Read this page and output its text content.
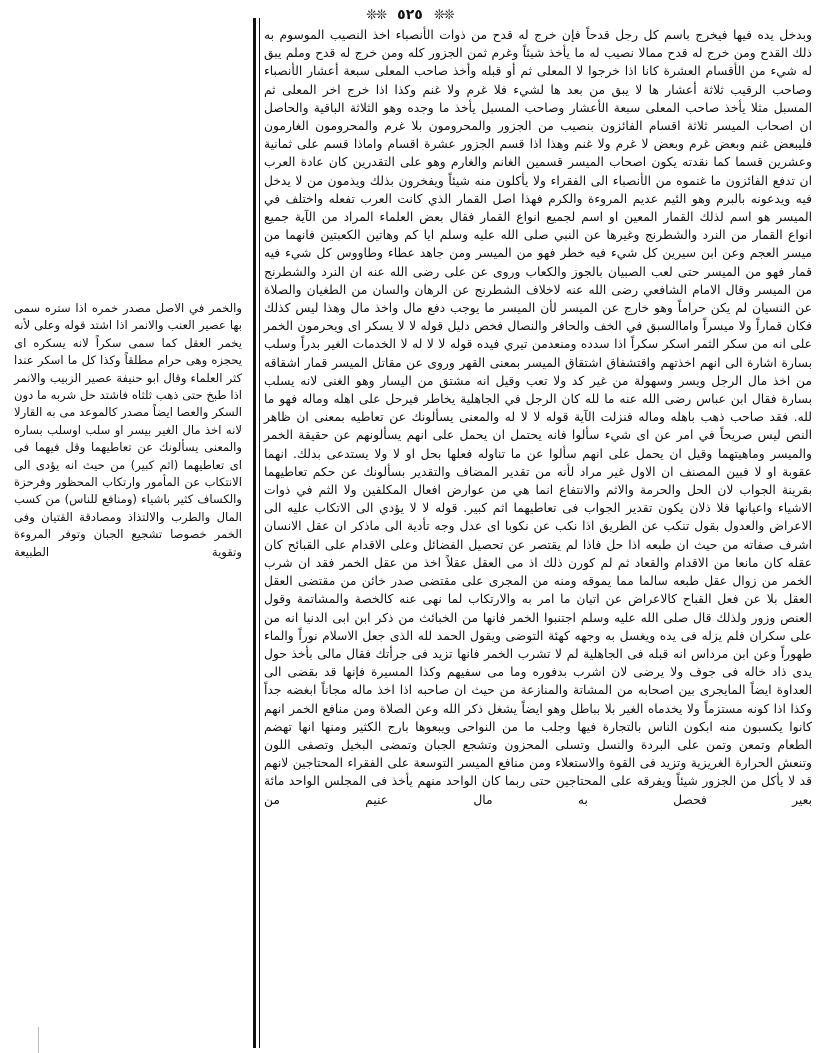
❊❊ ٥٢٥ ❊❊

وبدخل يده فيها فيخرج باسم كل رجل قدحاً فإن خرج له قدح من ذوات الأنصباء اخذ النصيب الموسوم به ذلك القدح ومن خرج له قدح ممالا نصيب له ما يأخذ شيئاً وغرم ثمن الجزور كله ومن خرج له قدح وملم يبق له شيء من الأقسام العشرة كانا اذا خرجوا لا المعلى ثم أو قبله وأخذ صاحب المعلى سبعة أعشار الأنصباء وصاحب الرقيب ثلاثة أعشار ها لا يبق من بعد ها لشيء فلا غرم ولا غنم وكذا اذا خرج اخر المعلى ثم المسبل مثلا يأخذ صاحب المعلى سبعة الأعشار وصاحب المسبل يأخذ ما وجده وهو الثلاثة الباقية والحاصل ان اصحاب الميسر ثلاثة اقسام الفائزون بنصيب من الجزور والمحرومون بلا غرم والمحرومون الغارمون فليبعض غنم وبعض غرم وبعض لا غرم ولا غنم وهذا اذا قسم الجزور عشرة اقسام واماذا قسم على ثمانية وعشرين قسما كما نقدته يكون اصحاب الميسر قسمين الغانم والغارم وهو على التقدرين كان عادة العرب ان تدفع الفائزون ما غنموه من الأنصباء الى الفقراء ولا يأكلون منه شيئاً ويفخرون بذلك ويذمون من لا يدخل فيه ويدعونه بالبرم وهو الئيم عديم المروءة والكرم فهذا اصل القمار الذي كانت العرب تفعله واختلف في الميسر هو اسم لذلك القمار المعين او اسم لجميع انواع القمار فقال بعض العلماء المراد من الآية جميع انواع القمار من النرد والشطرنج وغيرها عن النبي صلى الله عليه وسلم ايا كم وهاتين الكعبتين فانهما من ميسر العجم وعن ابن سيرين كل شيء فيه خطر فهو من الميسر ومن جاهد عطاء وطاووس كل شيء فيه قمار فهو من الميسر حتى لعب الصبيان بالجوز والكعاب وروى عن على رضى الله عنه ان النرد والشطرنج من الميسر وقال الامام الشافعي رضى الله عنه لاخلاف الشطرنج عن الرهان والسان من الطغيان والصلاة عن النسيان لم يكن حراماً وهو خارج عن الميسر لأن الميسر ما يوجب دفع مال واخذ مال وهذا ليس كذلك فكان قماراً ولا ميسراً واماالسبق في الخف والحافر والنصال فخص دليل قوله لا لا يسكر اى ويحرمون الخمر على انه من سكر الثمر اسكر سكراً اذا سدده ومنعدمن تيري فيده قوله لا لا له لا الخدمات الغير بدراً وسلب بسارة اشارة الى انهم اخذتهم واقتشفاق اشتقاق الميسر بمعنى القهر وروى عن مقاتل الميسر قمار اشقاقه من اخذ مال الرجل ويسر وسهولة من غير كد ولا تعب وقيل انه مشتق من اليسار وهو الغنى لانه يسلب بسارة فقال ابن عباس رضى الله عنه ما لله كان الرجل في الجاهلية يخاطر فيرحل على اهله وماله فهو ما لله. فقد صاحب ذهب باهله وماله فنزلت الآية قوله لا لا له والمعنى يسألونك عن تعاطيه بمعنى ان ظاهر النص ليس صريحاً في امر عن اى شيء سألوا فانه يحتمل ان يحمل على انهم يسألونهم عن حقيقة الخمر والميسر وماهيتهما وقيل ان يحمل على انهم سألوا عن ما تناوله فعلها بحل او لا ولا يستدعى بدلك. انهما عقوبة او لا فبين المصنف ان الاول غير مراد لأنه من تقدير المضاف والتقدير بسألونك عن حكم تعاطيهما بقرينة الجواب لان الحل والحرمة والاثم والانتفاع انما هي من عوارض افعال المكلفين ولا الثم في ذوات الاشياء واعيانها فلا ذلان يكون تقدير الجواب فى تعاطيهما اثم كبير. قوله لا لا يؤدي الى الاتكاب عليه الى الاعراض والعدول بقول تنكب عن الطريق اذا نكب عن نكوبا اى عدل وجه تأدية الى ماذكر ان عقل الانسان اشرف صفاته من حيث ان طبعه اذا حل فاذا لم يقتصر عن تحصيل الفضائل وعلى الاقدام على القبائح كان عقله كان مانعا من الاقدام والقعاد ثم لم كورن ذلك اذ مى العقل عقلاً اخذ من عقل الخمر فقد ان شرب الخمر من زوال عقل طبعه سالما مما يموقه ومنه من المجرى على مقتضى صدر خائن من مقتضى العقل العقل بلا عن فعل القباح كالاعراض عن اتيان ما امر به والارتكاب لما نهى عنه كالخصة والمشاتمة وقول العنص وزور ولذلك قال صلى الله عليه وسلم اجتنبوا الخمر فانها من الخبائث من ذكر ابن ابى الدنيا انه من على سكران فلم يزله فى يده ويغسل به وجهه كهئة التوضى ويقول الحمد لله الذى جعل الاسلام نوراً والماء طهوراً وعن ابن مرداس انه قبله فى الجاهلية لم لا تشرب الخمر فانها تزيد فى جرأتك فقال مالى بأخذ حول يدى ذاد خاله فى جوف ولا يرضى لان اشرب بدفوره وما مى سفيهم وكذا المسيرة فإنها قد بقضى الى العداوة ايضاً المايجرى بين اصحابه من المشاتة والمنازعة من حيث ان صاحبه اذا اخذ ماله مجاناً ابغضه جداً وكذا اذا كونه مستزماً ولا يخدماه الغير بلا بباطل وهو ايضاً يشغل ذكر الله وعن الصلاة ومن منافع الخمر انهم كانوا يكسبون منه ابكون الناس بالتجارة فيها وجلب ما من النواحى ويبعوها بارج الكثير ومنها انها تهضم الطعام وتمعن وتمن على البردة والنسل وتسلى المحزون وتشجع الجبان وتمضى البخيل وتصفى اللون وتنعش الحرارة الغريزية وتزيد فى القوة والاستعلاء ومن منافع الميسر التوسعة على الفقراء المحتاجين لانهم قد لا يأكل من الجزور شيئاً ويفرقه على المحتاجين حتى ربما كان الواحد منهم يأخذ فى المجلس الواحد مائة بعير فحصل به مال عنيم من

والخمر في الاصل مصدر خمره اذا ستره سمى بها عصير العنب والانمر اذا اشتد قوله وعلى لأنه يخمر العقل كما سمى سكراً لانه يسكره اى يحجزه وهى حرام مطلقاً وكذا كل ما اسكر عندا كثر العلماء وقال ابو حنيفة عصير الزبيب والانمر اذا طبخ حتى ذهب ثلثاه فاشتد حل شربه ما دون السكر والعصا ايضاً مصدر كالموعد مى به القارلا لانه اخذ مال الغير بيسر او سلب اوسلب بساره والمعنى يسألونك عن تعاطيهما وقل فيهما فى اى تعاطيهما (اثم كبير) من حيث انه يؤدى الى الانتكاب عن المأمور وارتكاب المحظور وفرحزة والكساف كثير باشياء (ومنافع للناس) من كسب المال والطرب والالتذاذ ومصادقة القتيان وفى الخمر خصوصا تشجيع الجبان وتوفر المروءة وتقوية الطبيعة
